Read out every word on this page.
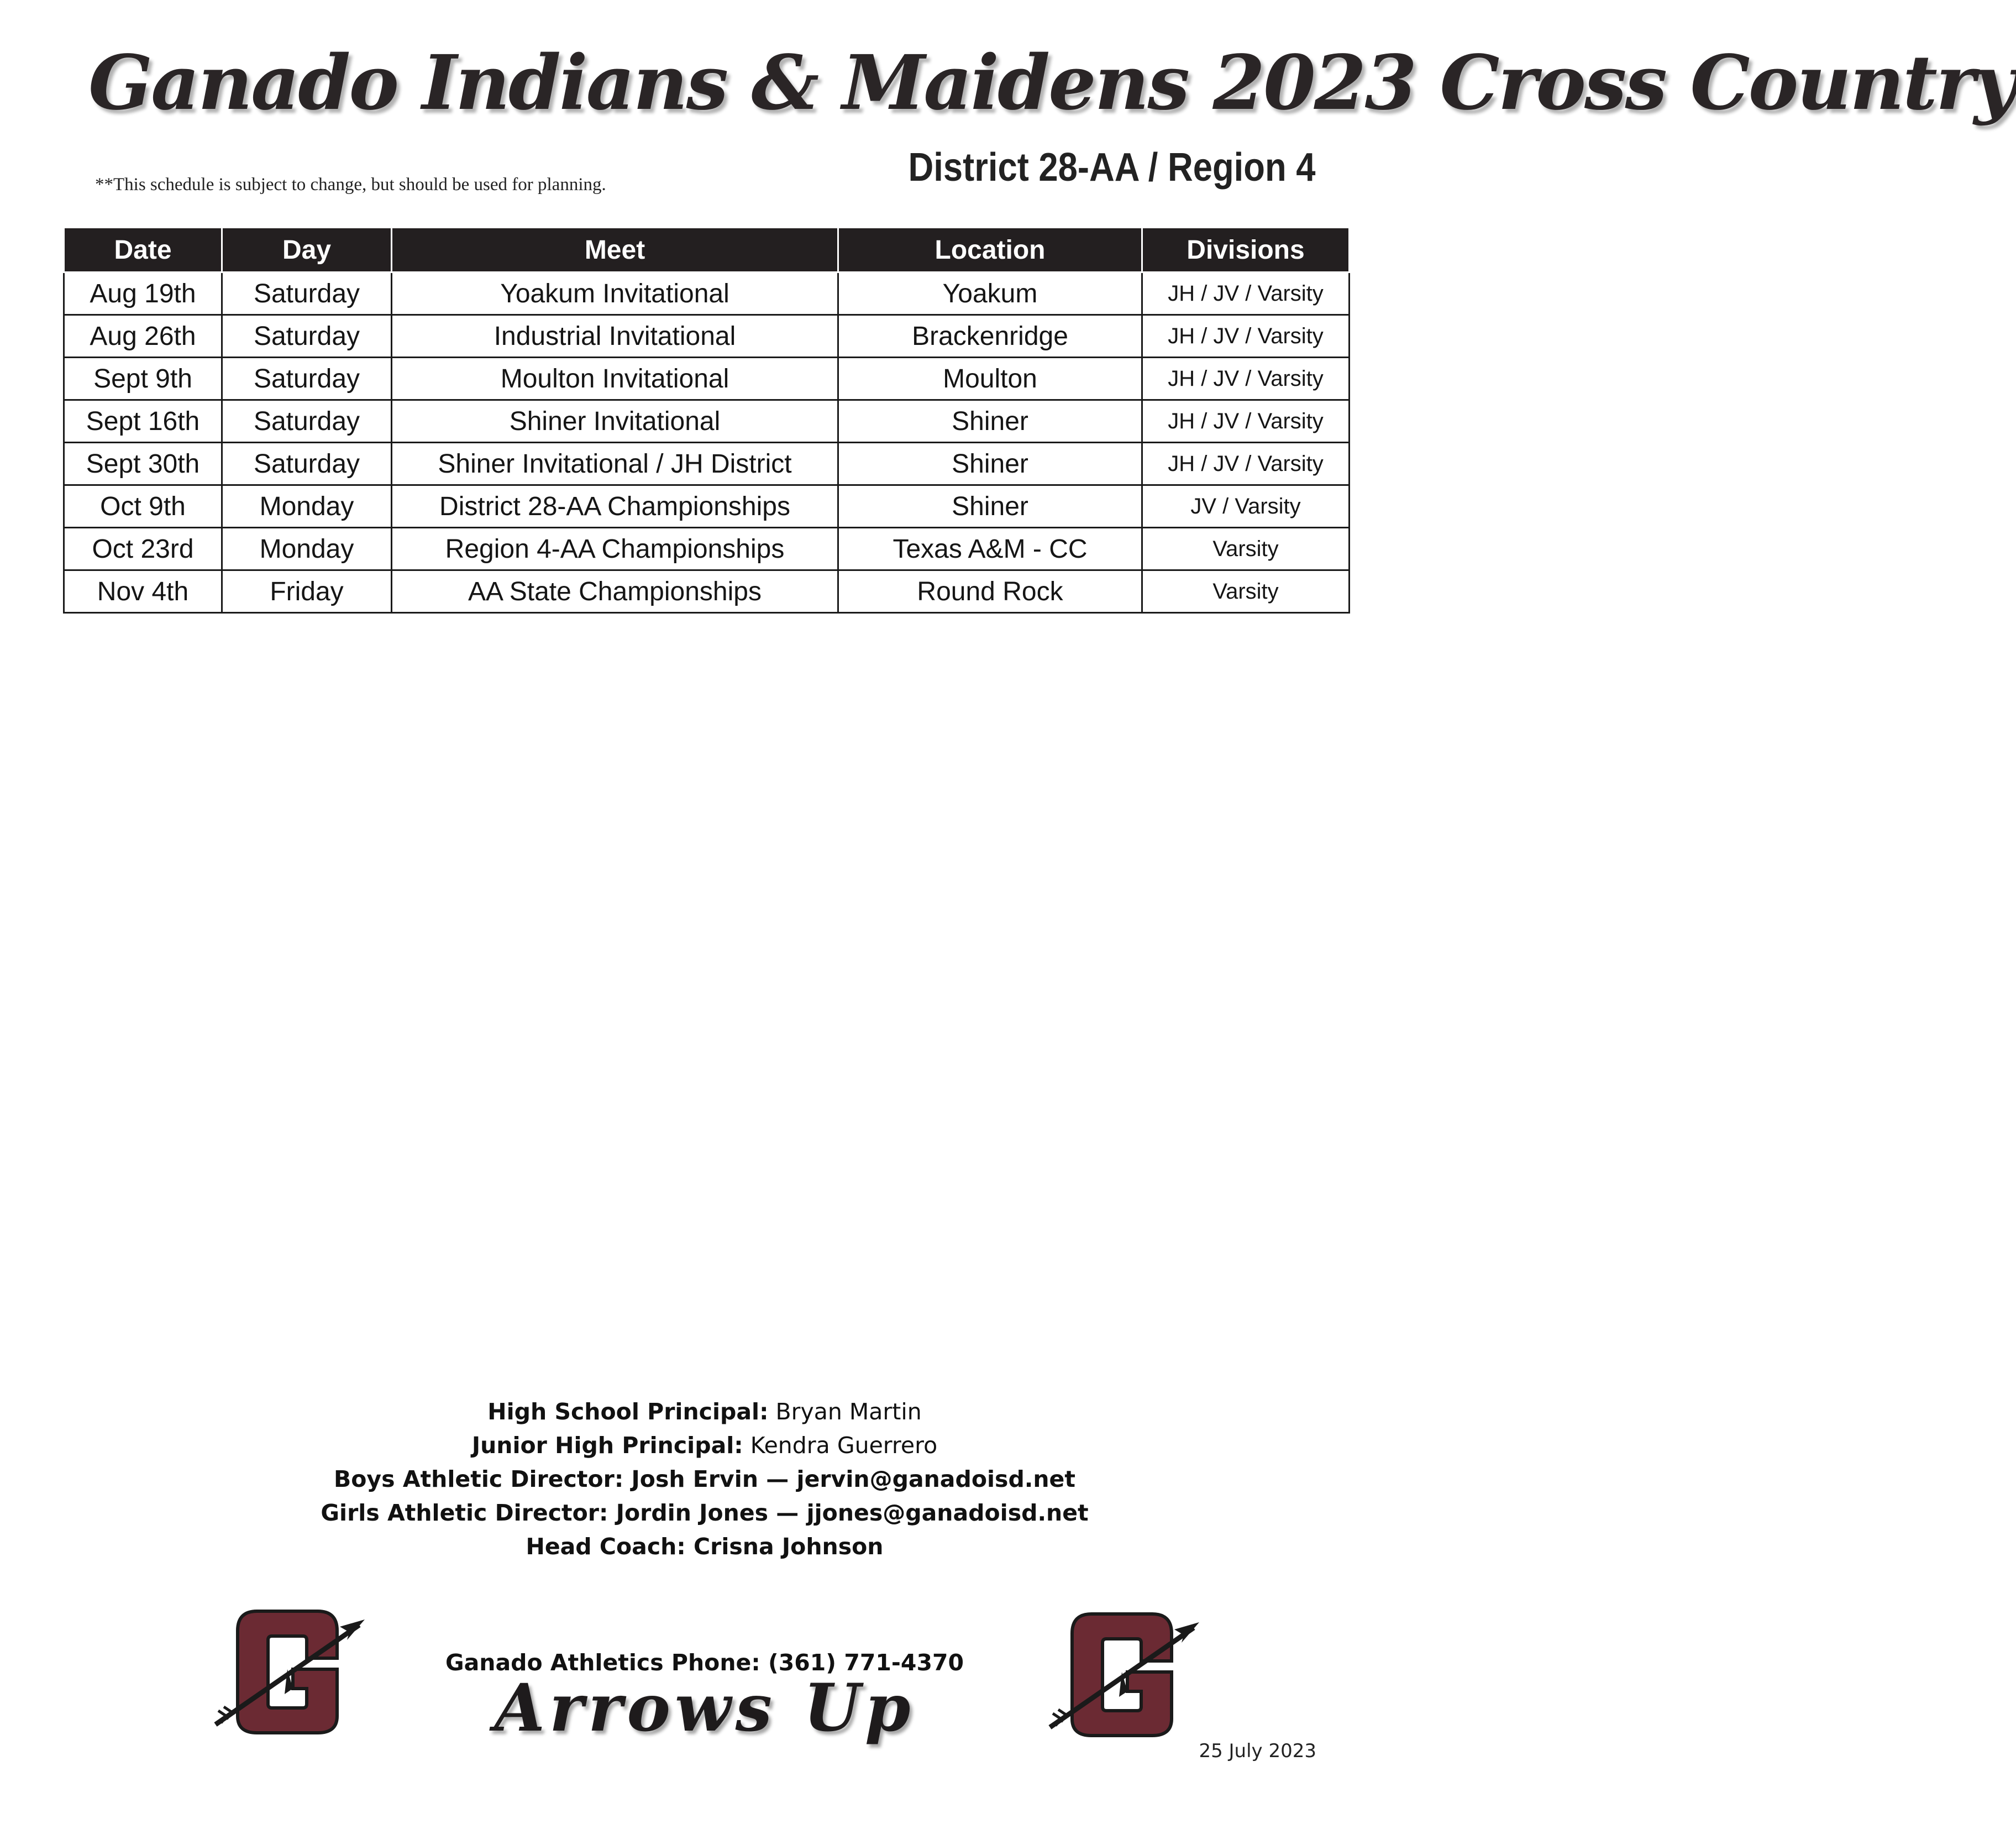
Ganado Indians & Maidens 2023 Cross Country
**This schedule is subject to change, but should be used for planning.	District 28-AA / Region 4
Date	Day	Meet	Location	Divisions
Aug 19th	Saturday	Yoakum Invitational	Yoakum	JH / JV / Varsity
Aug 26th	Saturday	Industrial Invitational	Brackenridge	JH / JV / Varsity
Sept 9th	Saturday	Moulton Invitational	Moulton	JH / JV / Varsity
Sept 16th	Saturday	Shiner Invitational	Shiner	JH / JV / Varsity
Sept 30th	Saturday	Shiner Invitational / JH District	Shiner	JH / JV / Varsity
Oct 9th	Monday	District 28-AA Championships	Shiner	JV / Varsity
Oct 23rd	Monday	Region 4-AA Championships	Texas A&M - CC	Varsity
Nov 4th	Friday	AA State Championships	Round Rock	Varsity
High School Principal: Bryan Martin
Junior High Principal: Kendra Guerrero
Boys Athletic Director: Josh Ervin — jervin@ganadoisd.net
Girls Athletic Director: Jordin Jones — jjones@ganadoisd.net
Head Coach: Crisna Johnson
Ganado Athletics Phone: (361) 771-4370
Arrows Up
25 July 2023
